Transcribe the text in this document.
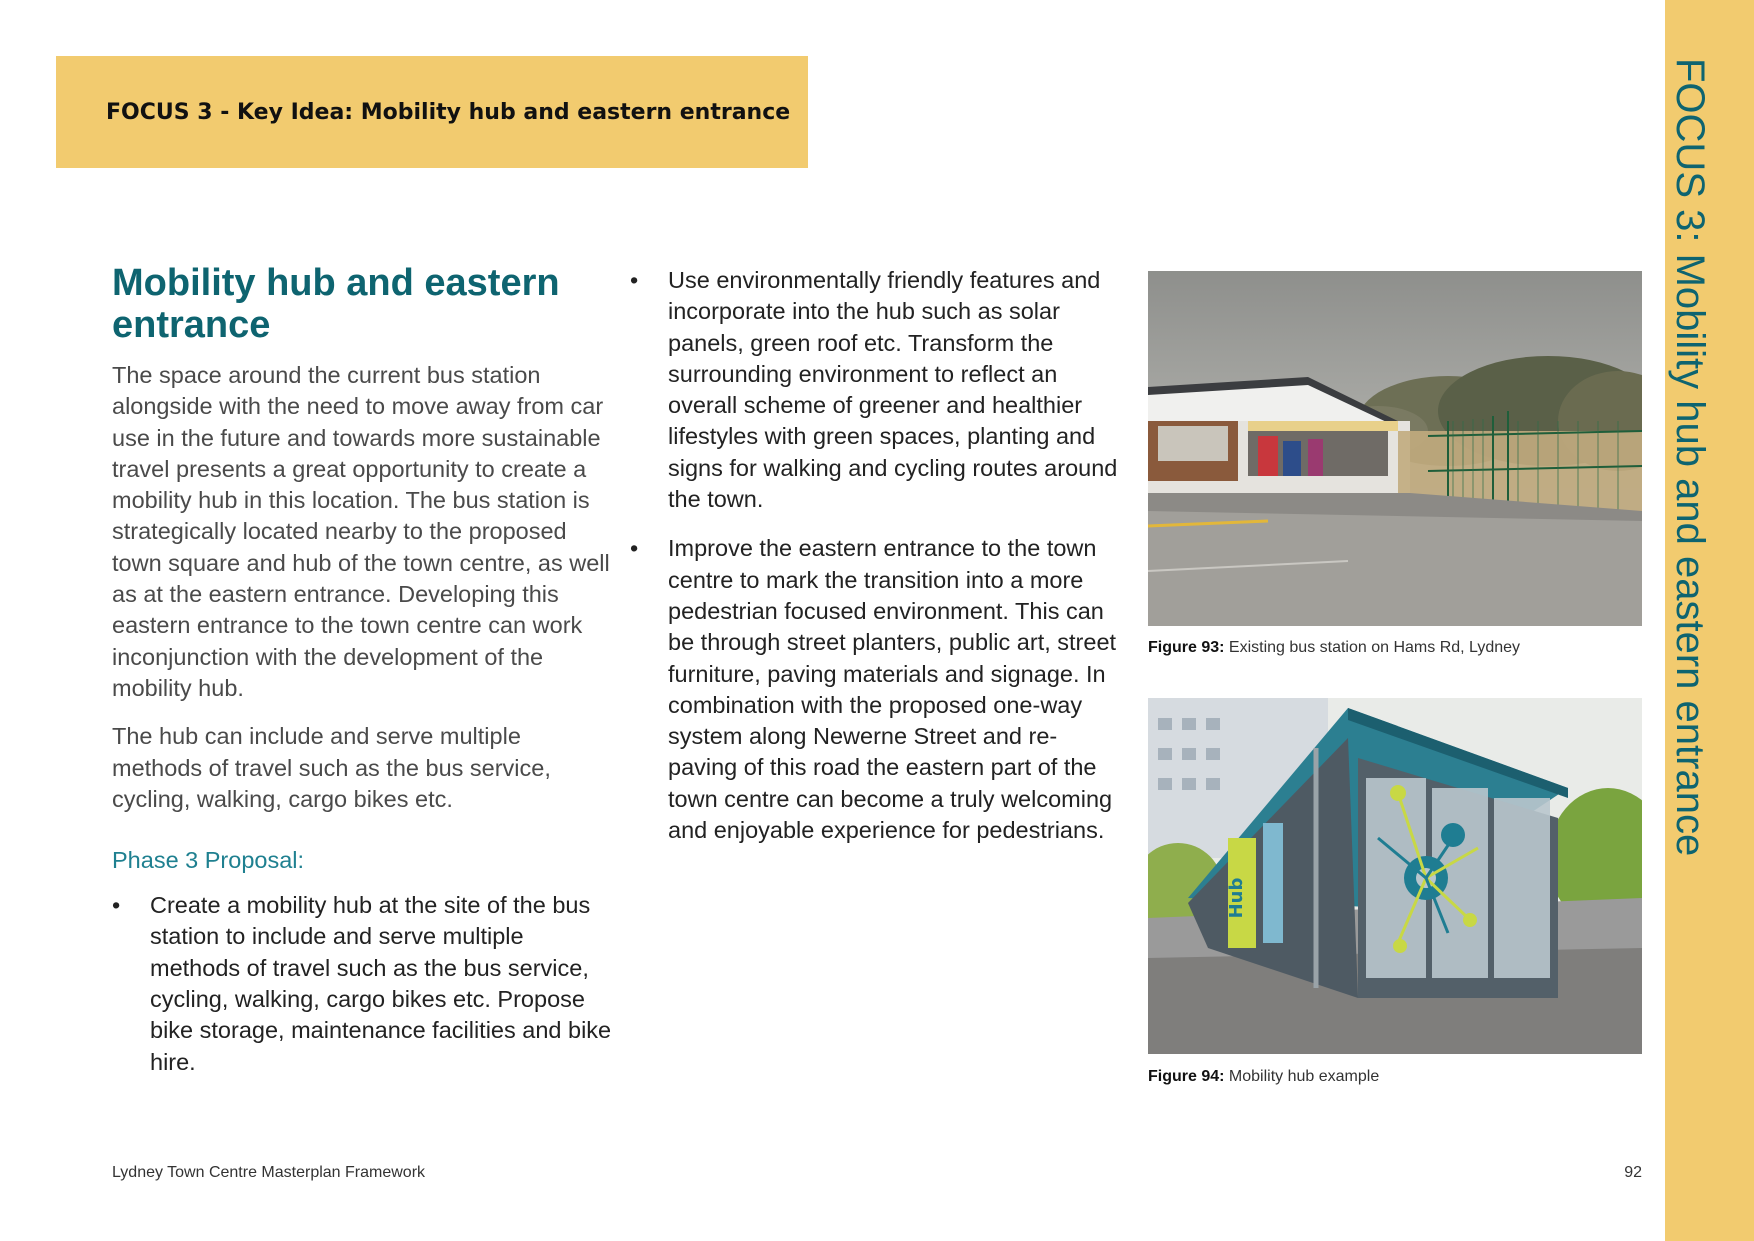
FOCUS 3 - Key Idea: Mobility hub and eastern entrance	FOCUS 3: Mobility hub and eastern entrance
Mobility hub and eastern entrance

The space around the current bus station alongside with the need to move away from car use in the future and towards more sustainable travel presents a great opportunity to create a mobility hub in this location. The bus station is strategically located nearby to the proposed town square and hub of the town centre, as well as at the eastern entrance. Developing this eastern entrance to the town centre can work inconjunction with the development of the mobility hub.

The hub can include and serve multiple methods of travel such as the bus service, cycling, walking, cargo bikes etc.

Phase 3 Proposal:
• Create a mobility hub at the site of the bus station to include and serve multiple methods of travel such as the bus service, cycling, walking, cargo bikes etc. Propose bike storage, maintenance facilities and bike hire.
• Use environmentally friendly features and incorporate into the hub such as solar panels, green roof etc. Transform the surrounding environment to reflect an overall scheme of greener and healthier lifestyles with green spaces, planting and signs for walking and cycling routes around the town.
• Improve the eastern entrance to the town centre to mark the transition into a more pedestrian focused environment. This can be through street planters, public art, street furniture, paving materials and signage. In combination with the proposed one-way system along Newerne Street and re-paving of this road the eastern part of the town centre can become a truly welcoming and enjoyable experience for pedestrians.
Figure 93: Existing bus station on Hams Rd, Lydney
Hub
Figure 94: Mobility hub example
Lydney Town Centre Masterplan Framework	92
